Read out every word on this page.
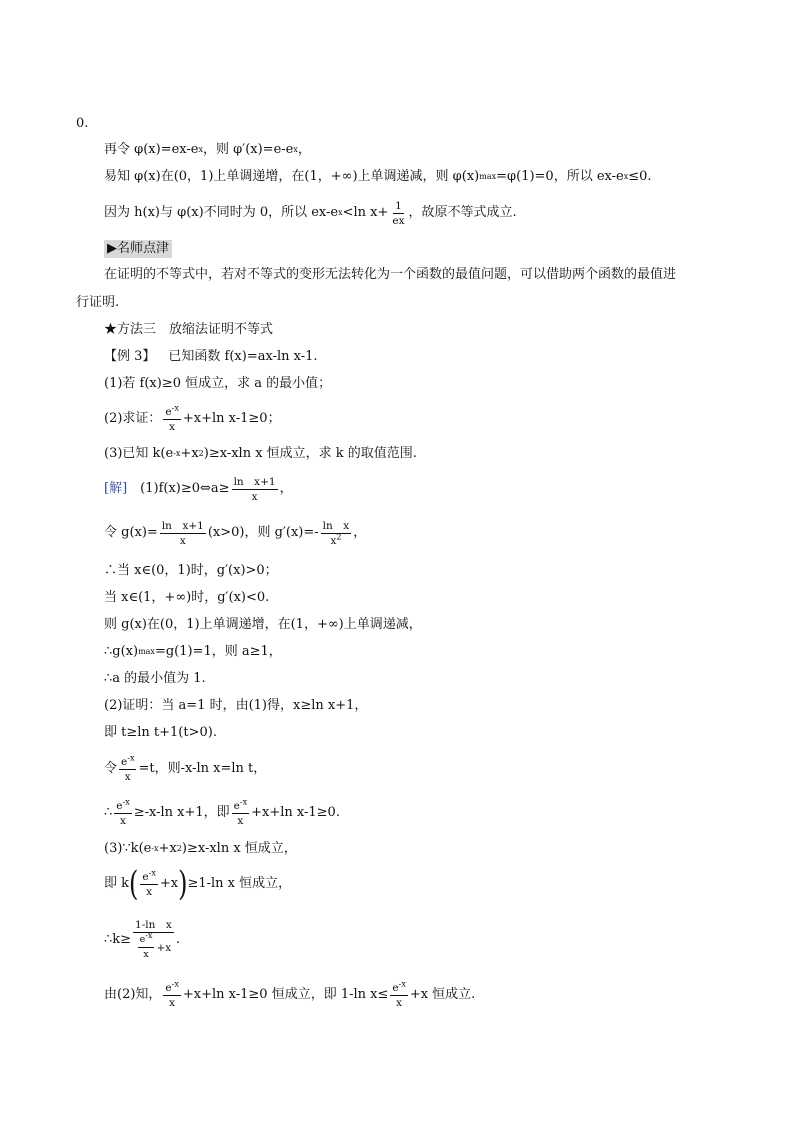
0.
再令 φ(x)=ex-e x ，则 φ′(x)=e-e x ，
易知 φ(x)在(0，1)上单调递增，在(1，+∞)上单调递减，则 φ(x) max =φ(1)=0，所以 ex-e x ≤0.
因为 h(x)与 φ(x)不同时为 0，所以 ex-e x <ln $x+ \frac{1}{ex}$ ，故原不等式成立.
▶名师点津
在证明的不等式中，若对不等式的变形无法转化为一个函数的最值问题，可以借助两个函数的最值进
行证明.
★方法三　放缩法证明不等式
【例 3】 　已知函数 f(x)=ax-ln x-1.
(1)若 f(x)≥0 恒成立，求 a 的最小值；
(2)求证： $\frac{e^{-x}}{x} +x+\ln$ x-1≥0；
(3)已知 k(e -x +x 2 )≥x-xln x 恒成立，求 k 的取值范围.
[解] 　(1)f(x)≥0⇔a≥ $\frac{\text{ln　x+1}}{x}$ ，
令 $g(x)= \frac{\text{ln　x+1}}{x} (x>0)$，则 $g'(x)=- \frac{\text{ln　x}}{x^2}$ ，
∴当 x∈(0，1)时，g′(x)>0；
当 x∈(1，+∞)时，g′(x)<0.
则 g(x)在(0，1)上单调递增，在(1，+∞)上单调递减，
∴g(x) max =g(1)=1，则 a≥1，
∴a 的最小值为 1.
(2)证明：当 a=1 时，由(1)得，x≥ln x+1，
即 t≥ln t+1(t>0).
令 $\frac{e^{-x}}{x} =t$，则-x-ln x=ln t，
∴ $\frac{e^{-x}}{x} \ge-x-\ln$ x+1，即 $\frac{e^{-x}}{x} +x+\ln$ x-1≥0.
(3)∵k(e -x +x 2 )≥x-xln x 恒成立，
即 k ( $\frac{e^{-x}}{x} +x$ ) ≥1-ln x 恒成立，
∴k≥ $\frac{\text{1-ln　x}}{\frac{e^{-x}}{x} +x}$ .
由(2)知， $\frac{e^{-x}}{x} +x+\ln$ x-1≥0 恒成立，即 1-ln $x\le \frac{e^{-x}}{x} +x$ 恒成立.
